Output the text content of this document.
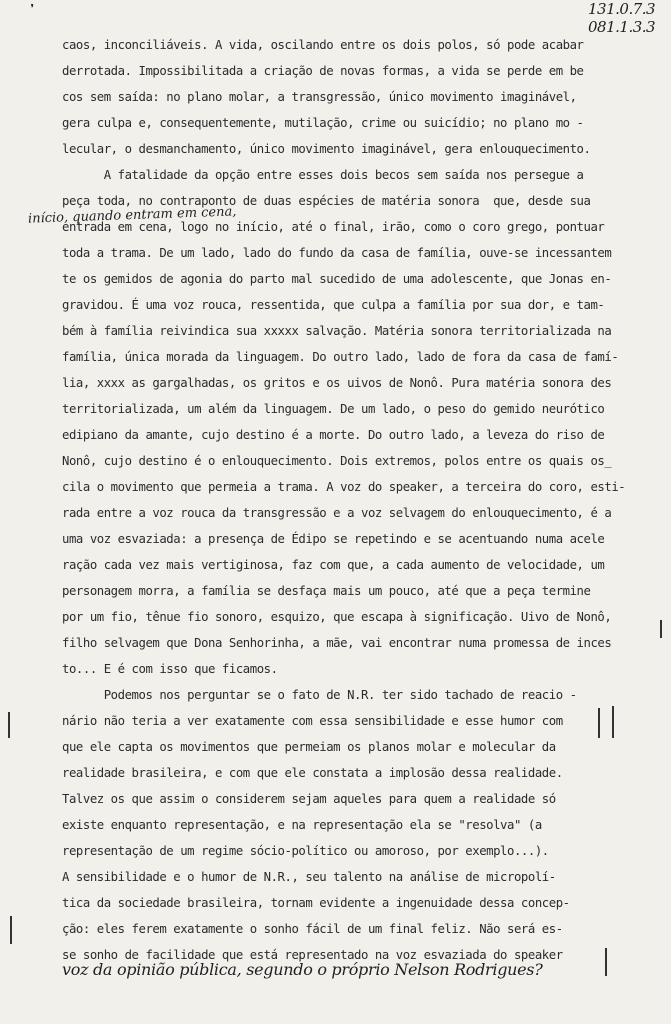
❜	131.0.7.3
081.1.3.3

caos, inconciliáveis. A vida, oscilando entre os dois polos, só pode acabar

derrotada. Impossibilitada a criação de novas formas, a vida se perde em be

cos sem saída: no plano molar, a transgressão, único movimento imaginável,

gera culpa e, consequentemente, mutilação, crime ou suicídio; no plano mo -

lecular, o desmanchamento, único movimento imaginável, gera enlouquecimento.

A fatalidade da opção entre esses dois becos sem saída nos persegue a

peça toda, no contraponto de duas espécies de matéria sonora  que, desde sua

entrada em cena, logo no início, até o final, irão, como o coro grego, pontuar

toda a trama. De um lado, lado do fundo da casa de família, ouve-se incessantem

te os gemidos de agonia do parto mal sucedido de uma adolescente, que Jonas en-

gravidou. É uma voz rouca, ressentida, que culpa a família por sua dor, e tam-

bém à família reivindica sua xxxxx salvação. Matéria sonora territorializada na

família, única morada da linguagem. Do outro lado, lado de fora da casa de famí-

lia, xxxx as gargalhadas, os gritos e os uivos de Nonô. Pura matéria sonora des

territorializada, um além da linguagem. De um lado, o peso do gemido neurótico

edipiano da amante, cujo destino é a morte. Do outro lado, a leveza do riso de

Nonô, cujo destino é o enlouquecimento. Dois extremos, polos entre os quais os_

cila o movimento que permeia a trama. A voz do speaker, a terceira do coro, esti-

rada entre a voz rouca da transgressão e a voz selvagem do enlouquecimento, é a

uma voz esvaziada: a presença de Édipo se repetindo e se acentuando numa acele

ração cada vez mais vertiginosa, faz com que, a cada aumento de velocidade, um

personagem morra, a família se desfaça mais um pouco, até que a peça termine

por um fio, tênue fio sonoro, esquizo, que escapa à significação. Uivo de Nonô,

filho selvagem que Dona Senhorinha, a mãe, vai encontrar numa promessa de inces

to... E é com isso que ficamos.

Podemos nos perguntar se o fato de N.R. ter sido tachado de reacio -

nário não teria a ver exatamente com essa sensibilidade e esse humor com

que ele capta os movimentos que permeiam os planos molar e molecular da

realidade brasileira, e com que ele constata a implosão dessa realidade.

Talvez os que assim o considerem sejam aqueles para quem a realidade só

existe enquanto representação, e na representação ela se "resolva" (a

representação de um regime sócio-político ou amoroso, por exemplo...).

A sensibilidade e o humor de N.R., seu talento na análise de micropolí-

tica da sociedade brasileira, tornam evidente a ingenuidade dessa concep-

ção: eles ferem exatamente o sonho fácil de um final feliz. Não será es-

se sonho de facilidade que está representado na voz esvaziada do speaker

início, quando entram em cena,
voz da opinião pública, segundo o próprio Nelson Rodrigues?
